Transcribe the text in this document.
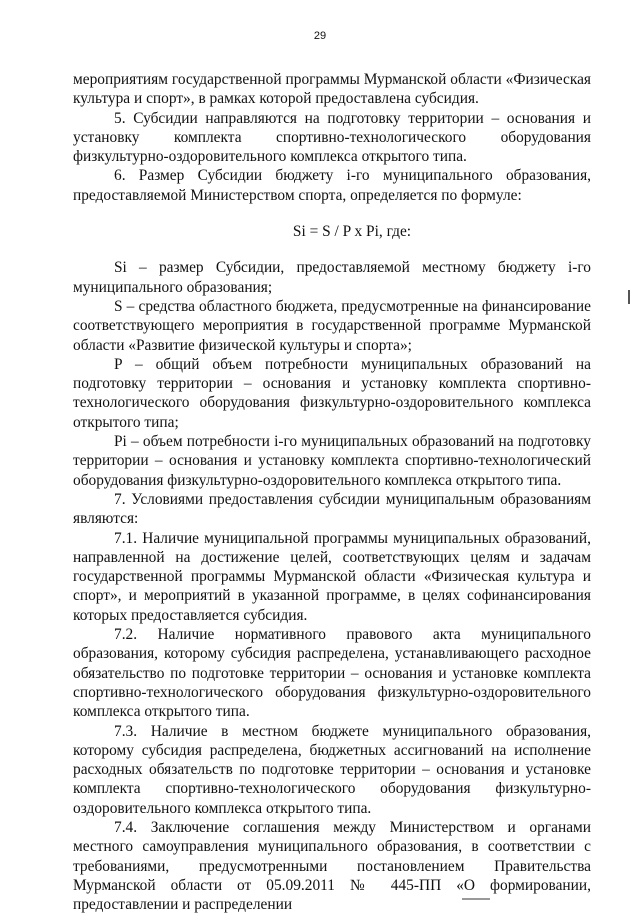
29

мероприятиям государственной программы Мурманской области «Физическая культура и спорт», в рамках которой предоставлена субсидия.

5. Субсидии направляются на подготовку территории – основания и установку комплекта спортивно-технологического оборудования физкультурно-оздоровительного комплекса открытого типа.

6. Размер Субсидии бюджету i-го муниципального образования, предоставляемой Министерством спорта, определяется по формуле:

Si = S / P x Pi, где:

Si – размер Субсидии, предоставляемой местному бюджету i-го муниципального образования;

S – средства областного бюджета, предусмотренные на финансирование соответствующего мероприятия в государственной программе Мурманской области «Развитие физической культуры и спорта»;

P – общий объем потребности муниципальных образований на подготовку территории – основания и установку комплекта спортивно-технологического оборудования физкультурно-оздоровительного комплекса открытого типа;

Pi – объем потребности i-го муниципальных образований на подготовку территории – основания и установку комплекта спортивно-технологический оборудования физкультурно-оздоровительного комплекса открытого типа.

7. Условиями предоставления субсидии муниципальным образованиям являются:

7.1. Наличие муниципальной программы муниципальных образований, направленной на достижение целей, соответствующих целям и задачам государственной программы Мурманской области «Физическая культура и спорт», и мероприятий в указанной программе, в целях софинансирования которых предоставляется субсидия.

7.2. Наличие нормативного правового акта муниципального образования, которому субсидия распределена, устанавливающего расходное обязательство по подготовке территории – основания и установке комплекта спортивно-технологического оборудования физкультурно-оздоровительного комплекса открытого типа.

7.3. Наличие в местном бюджете муниципального образования, которому субсидия распределена, бюджетных ассигнований на исполнение расходных обязательств по подготовке территории – основания и установке комплекта спортивно-технологического оборудования физкультурно-оздоровительного комплекса открытого типа.

7.4. Заключение соглашения между Министерством и органами местного самоуправления муниципального образования, в соответствии с требованиями, предусмотренными постановлением Правительства Мурманской области от 05.09.2011 № 445-ПП «О формировании, предоставлении и распределении
